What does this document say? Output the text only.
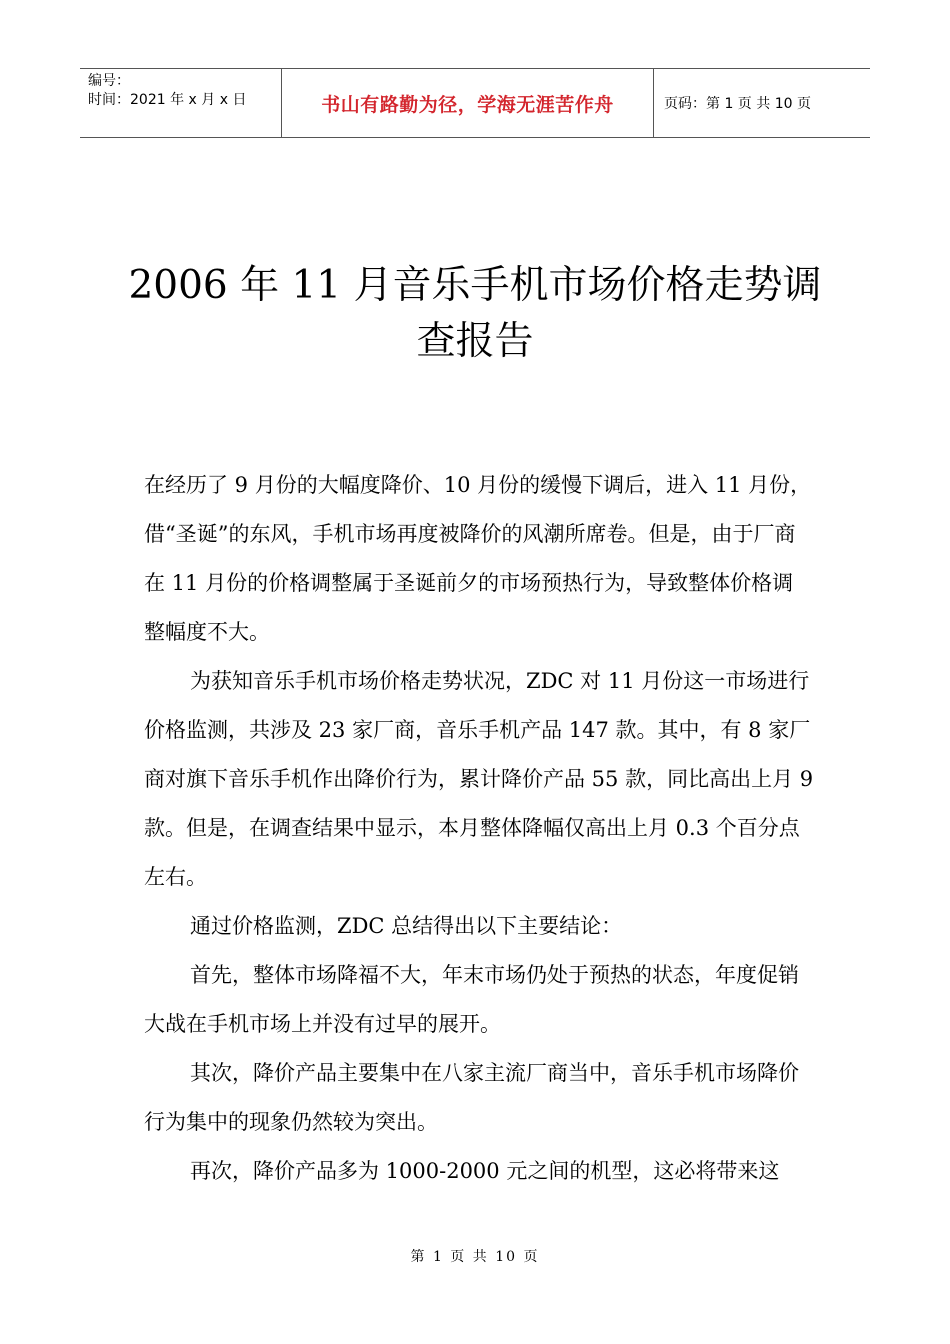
编号：
时间：2021 年 x 月 x 日	书山有路勤为径，学海无涯苦作舟	页码：第 1 页 共 10 页
2006 年 11 月音乐手机市场价格走势调
查报告

在经历了 9 月份的大幅度降价、10 月份的缓慢下调后，进入 11 月份，借“圣诞”的东风，手机市场再度被降价的风潮所席卷。但是，由于厂商在 11 月份的价格调整属于圣诞前夕的市场预热行为，导致整体价格调整幅度不大。

为获知音乐手机市场价格走势状况，ZDC 对 11 月份这一市场进行价格监测，共涉及 23 家厂商，音乐手机产品 147 款。其中，有 8 家厂商对旗下音乐手机作出降价行为，累计降价产品 55 款，同比高出上月 9 款。但是，在调查结果中显示，本月整体降幅仅高出上月 0.3 个百分点左右。

通过价格监测，ZDC 总结得出以下主要结论：

首先，整体市场降福不大，年末市场仍处于预热的状态，年度促销大战在手机市场上并没有过早的展开。

其次，降价产品主要集中在八家主流厂商当中，音乐手机市场降价行为集中的现象仍然较为突出。

再次，降价产品多为 1000-2000 元之间的机型，这必将带来这

第 1 页 共 10 页
